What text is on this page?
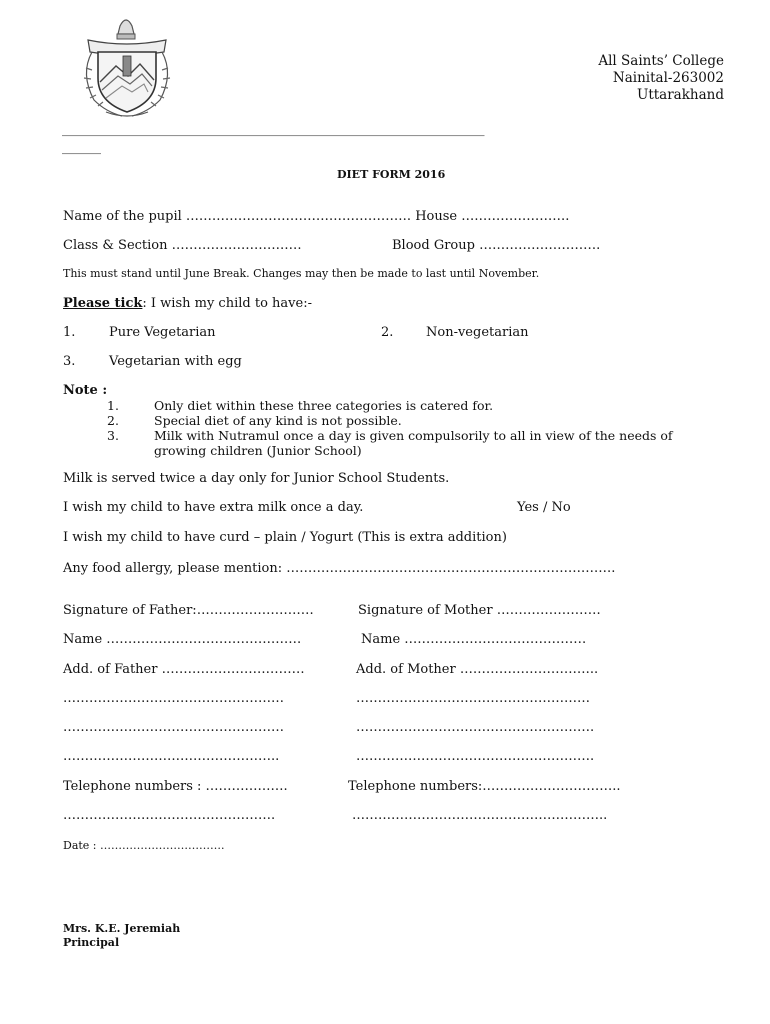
All Saints’ College
Nainital-263002
Uttarakhand
_________________________________________________________________
______
DIET FORM 2016
Name of the pupil ……………………………………………. House …………………….
Class & Section …………………………	Blood Group ……………………….
This must stand until June Break. Changes may then be made to last until November.
Please tick: I wish my child to have:-
1.	Pure Vegetarian	2.	Non-vegetarian
3.	Vegetarian with egg
Note :
1.	Only diet within these three categories is catered for.
2.	Special diet of any kind is not possible.
3.	Milk with Nutramul once a day is given compulsorily to all in view of the needs of
growing children (Junior School)
Milk is served twice a day only for Junior School Students.
I wish my child to have extra milk once a day.	Yes / No
I wish my child to have curd – plain / Yogurt (This is extra addition)
Any food allergy, please mention: ………………………………………………………………….
Signature of Father:………………………	Signature of Mother ……………………
Name ………………………………………	Name ……………………………………
Add. of Father ……………………………	Add. of Mother …………………………..
……………………………………………	………………………………………………
……………………………………………	……………………………………………….
…………………………………………..	……………………………………………….
Telephone numbers : ……………….	Telephone numbers:…………………………..
………………………………………….	…………………………………………………..
Date : …………………………….
Mrs. K.E. Jeremiah
Principal
